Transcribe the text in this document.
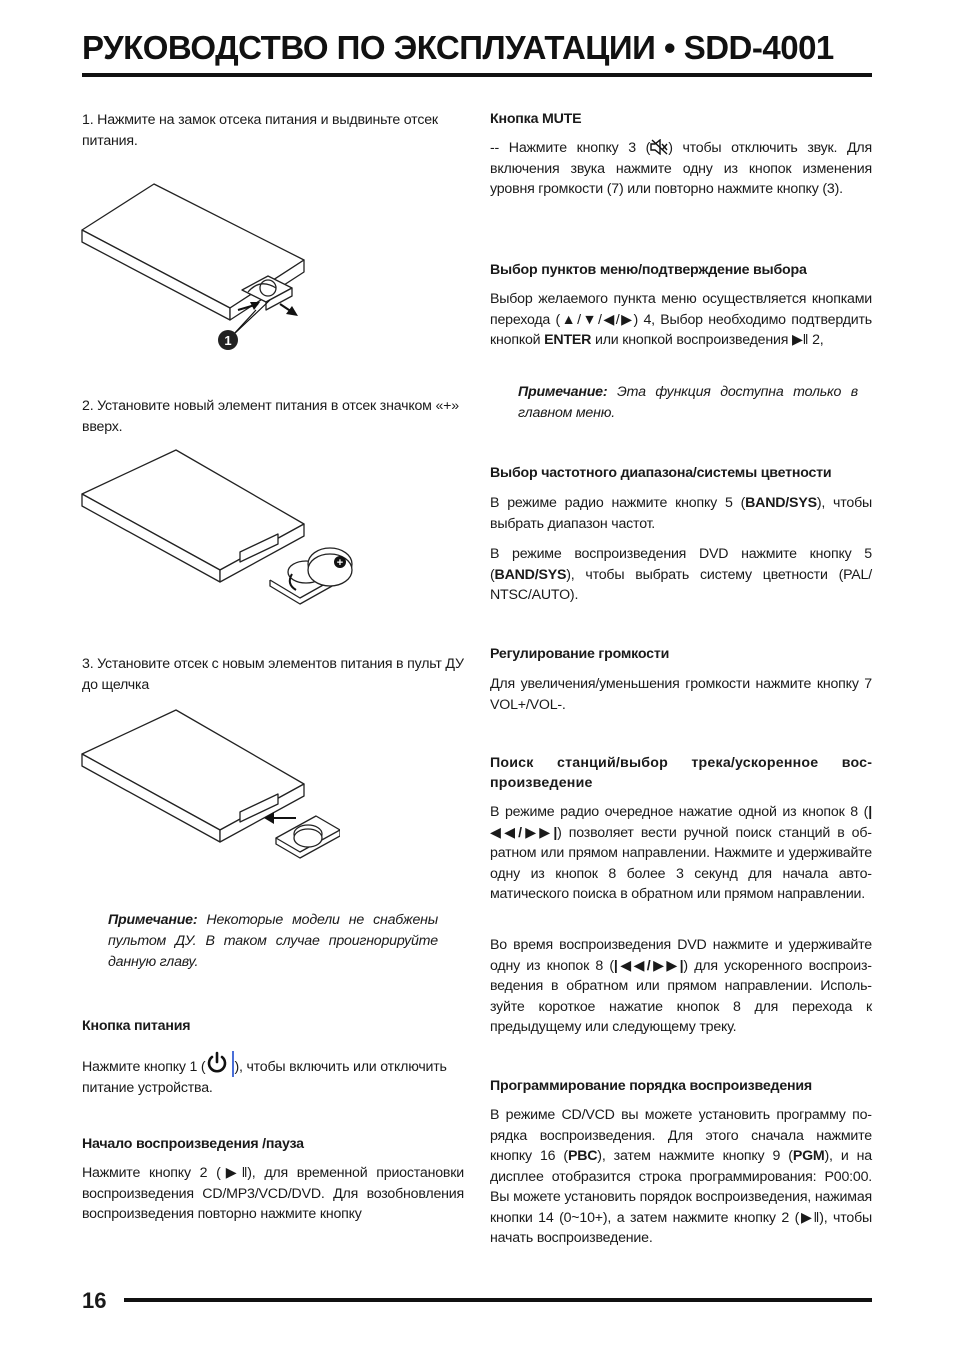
РУКОВОДСТВО ПО ЭКСПЛУАТАЦИИ • SDD-4001

1. Нажмите на замок отсека питания и выдвиньте отсек питания.

1

2. Установите новый элемент питания в отсек значком «+» вверх.

+

3. Установите отсек с новым элементов питания в пульт ДУ до щелчка

Примечание: Некоторые модели не снабжены пультом ДУ. В таком случае проигнорируйте данную главу.

Кнопка питания

Нажмите кнопку 1 ( ), чтобы включить или отключить питание устройства.

Начало воспроизведения /пауза

Нажмите кнопку 2 (▶ǁ), для временной приостановки воспроизведения CD/MP3/VCD/DVD. Для возобновления воспроизведения повторно нажмите кнопку

Кнопка MUTE

-- Нажмите кнопку 3 ( ) чтобы отключить звук. Для включения звука нажмите одну из кнопок изменения уровня громкости (7) или повторно нажмите кнопку (3).

Выбор пунктов меню/подтверждение выбора

Выбор желаемого пункта меню осуществляется кнопками перехода (▲/▼/◀/▶) 4, Выбор необходимо подтвердить кнопкой ENTER или кнопкой воспроизведения ▶ǁ 2,

Примечание: Эта функция доступна только в главном меню.

Выбор частотного диапазона/системы цветности

В режиме радио нажмите кнопку 5 (BAND/SYS), чтобы выбрать диапазон частот.

В режиме воспроизведения DVD нажмите кнопку 5 (BAND/SYS), чтобы выбрать систему цветности (PAL/ NTSC/AUTO).

Регулирование громкости

Для увеличения/уменьшения громкости нажмите кнопку 7 VOL+/VOL-.

Поиск станций/выбор трека/ускоренное воспроизведение

В режиме радио очередное нажатие одной из кнопок 8 (|◀◀/▶▶|) позволяет вести ручной поиск станций в обратном или прямом направлении. Нажмите и удерживайте одну из кнопок 8 более 3 секунд для начала автоматического поиска в обратном или прямом направлении.

Во время воспроизведения DVD нажмите и удерживайте одну из кнопок 8 (|◀◀/▶▶|) для ускоренного воспроизведения в обратном или прямом направлении. Используйте короткое нажатие кнопок 8 для перехода к предыдущему или следующему треку.

Программирование порядка воспроизведения

В режиме CD/VCD вы можете установить программу порядка воспроизведения. Для этого сначала нажмите кнопку 16 (PBC), затем нажмите кнопку 9 (PGM), и на дисплее отобразится строка программирования: P00:00. Вы можете установить порядок воспроизведения, нажимая кнопки 14 (0~10+), а затем нажмите кнопку 2 (▶ǁ), чтобы начать воспроизведение.

16
